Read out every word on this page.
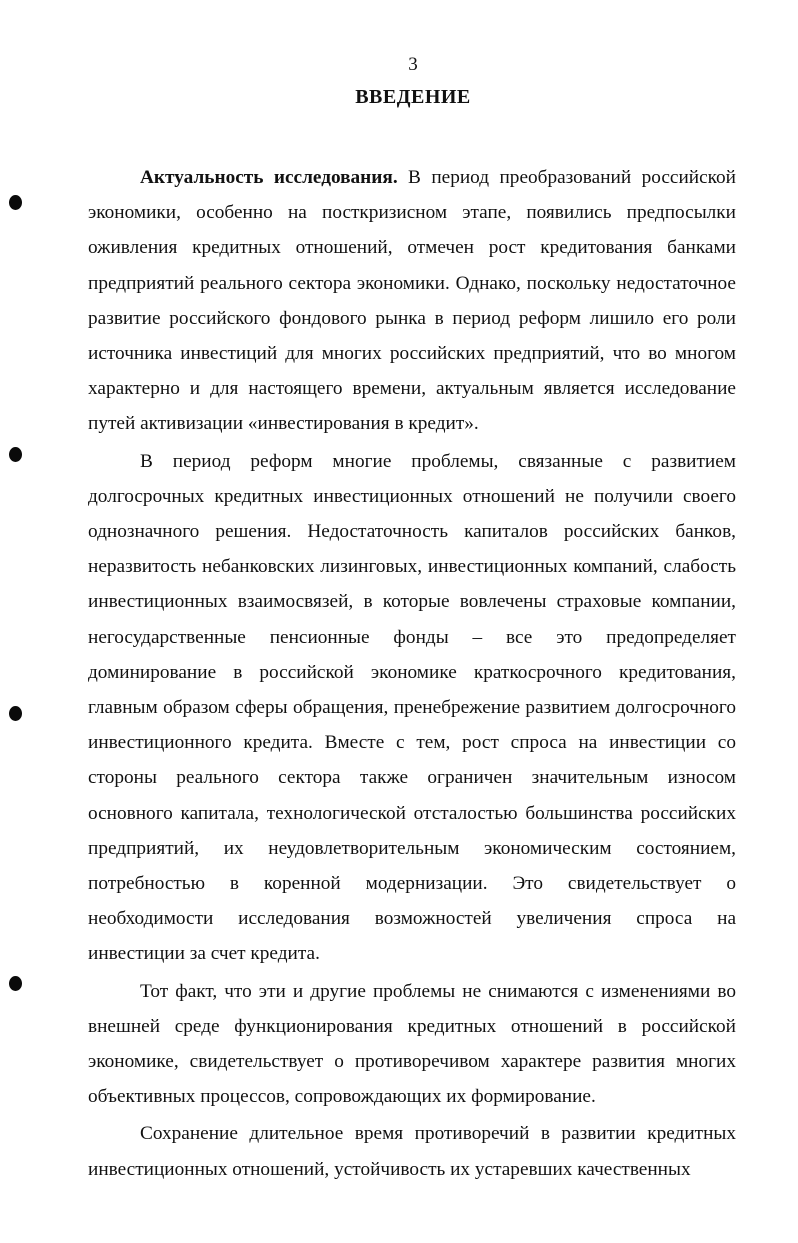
3
ВВЕДЕНИЕ

Актуальность исследования. В период преобразований российской экономики, особенно на посткризисном этапе, появились предпосылки оживления кредитных отношений, отмечен рост кредитования банками предприятий реального сектора экономики. Однако, поскольку недостаточное развитие российского фондового рынка в период реформ лишило его роли источника инвестиций для многих российских предприятий, что во многом характерно и для настоящего времени, актуальным является исследование путей активизации «инвестирования в кредит».

В период реформ многие проблемы, связанные с развитием долгосрочных кредитных инвестиционных отношений не получили своего однозначного решения. Недостаточность капиталов российских банков, неразвитость небанковских лизинговых, инвестиционных компаний, слабость инвестиционных взаимосвязей, в которые вовлечены страховые компании, негосударственные пенсионные фонды – все это предопределяет доминирование в российской экономике краткосрочного кредитования, главным образом сферы обращения, пренебрежение развитием долгосрочного инвестиционного кредита. Вместе с тем, рост спроса на инвестиции со стороны реального сектора также ограничен значительным износом основного капитала, технологической отсталостью большинства российских предприятий, их неудовлетворительным экономическим состоянием, потребностью в коренной модернизации. Это свидетельствует о необходимости исследования возможностей увеличения спроса на инвестиции за счет кредита.

Тот факт, что эти и другие проблемы не снимаются с изменениями во внешней среде функционирования кредитных отношений в российской экономике, свидетельствует о противоречивом характере развития многих объективных процессов, сопровождающих их формирование.

Сохранение длительное время противоречий в развитии кредитных инвестиционных отношений, устойчивость их устаревших качественных
